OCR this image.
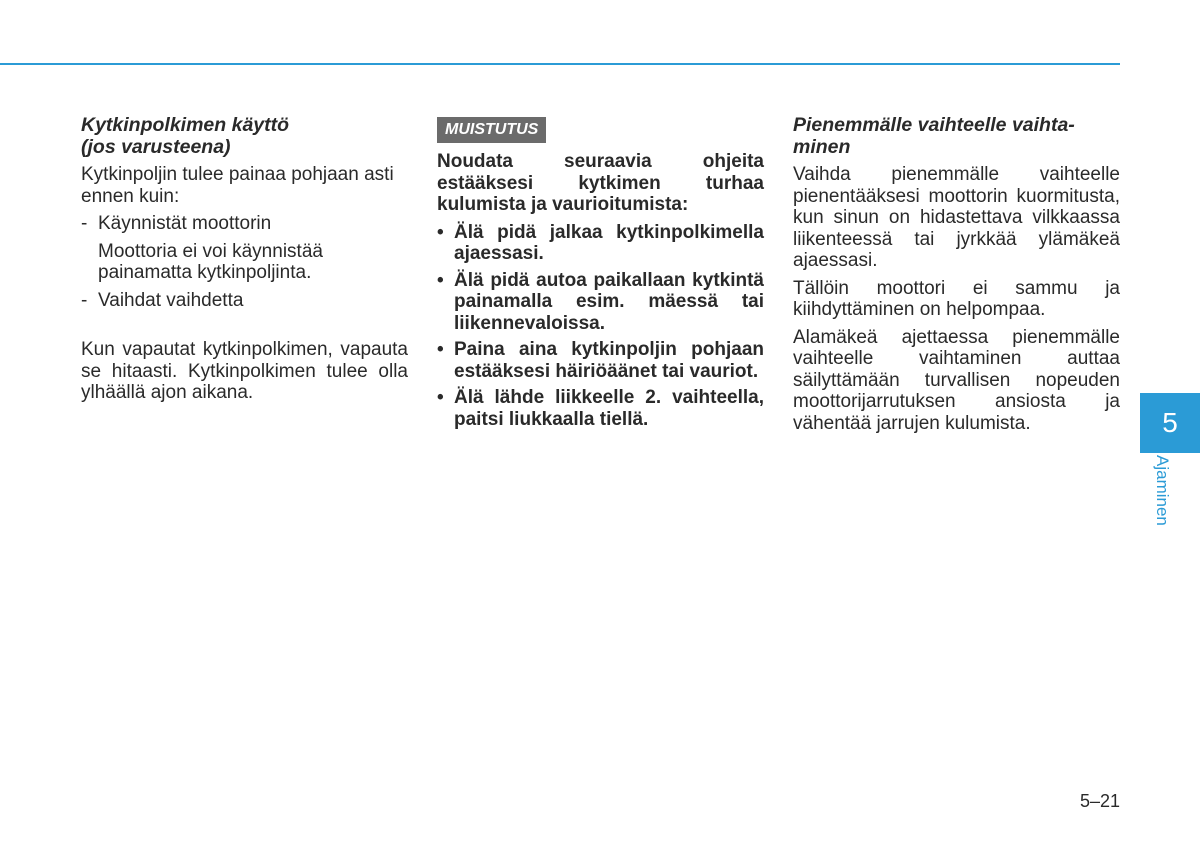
Kytkinpolkimen käyttö
(jos varusteena)

Kytkinpoljin tulee painaa pohjaan asti ennen kuin:

- Käynnistät moottorin
Moottoria ei voi käynnistää painamatta kytkinpoljinta.
- Vaihdat vaihdetta

Kun vapautat kytkinpolkimen, vapauta se hitaasti. Kytkinpolkimen tulee olla ylhäällä ajon aikana.

MUISTUTUS

Noudata seuraavia ohjeita estääksesi kytkimen turhaa kulumista ja vaurioitumista:

• Älä pidä jalkaa kytkinpolkimella ajaessasi.
• Älä pidä autoa paikallaan kytkintä painamalla esim. mäessä tai liikennevaloissa.
• Paina aina kytkinpoljin pohjaan estääksesi häiriöäänet tai vauriot.
• Älä lähde liikkeelle 2. vaihteella, paitsi liukkaalla tiellä.
Pienemmälle vaihteelle vaihta-
minen

Vaihda pienemmälle vaihteelle pienentääksesi moottorin kuormitusta, kun sinun on hidastettava vilkkaassa liikenteessä tai jyrkkää ylämäkeä ajaessasi.

Tällöin moottori ei sammu ja kiihdyttäminen on helpompaa.

Alamäkeä ajettaessa pienemmälle vaihteelle vaihtaminen auttaa säilyttämään turvallisen nopeuden moottorijarrutuksen ansiosta ja vähentää jarrujen kulumista.	5
Ajaminen
5–21
